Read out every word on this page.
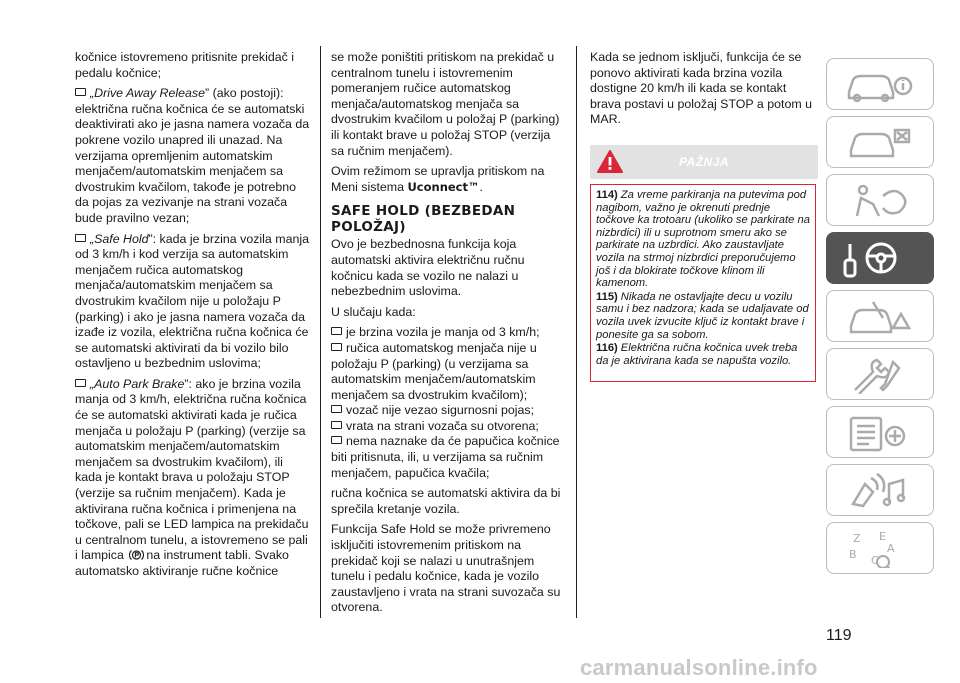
kočnice istovremeno pritisnite prekidač i pedalu kočnice;

„Drive Away Release” (ako postoji): električna ručna kočnica će se automatski deaktivirati ako je jasna namera vozača da pokrene vozilo unapred ili unazad. Na verzijama opremljenim automatskim menjačem/automatskim menjačem sa dvostrukim kvačilom, takođe je potrebno da pojas za vezivanje na strani vozača bude pravilno vezan;

„Safe Hold”: kada je brzina vozila manja od 3 km/h i kod verzija sa automatskim menjačem ručica automatskog menjača/automatskim menjačem sa dvostrukim kvačilom nije u položaju P (parking) i ako je jasna namera vozača da izađe iz vozila, električna ručna kočnica će se automatski aktivirati da bi vozilo bilo ostavljeno u bezbednim uslovima;

„Auto Park Brake”: ako je brzina vozila manja od 3 km/h, električna ručna kočnica će se automatski aktivirati kada je ručica menjača u položaju P (parking) (verzije sa automatskim menjačem/automatskim menjačem sa dvostrukim kvačilom), ili kada je kontakt brava u položaju STOP (verzije sa ručnim menjačem). Kada je aktivirana ručna kočnica i primenjena na točkove, pali se LED lampica na prekidaču u centralnom tunelu, a istovremeno se pali i lampica na instrument tabli. Svako automatsko aktiviranje ručne kočnice

se može poništiti pritiskom na prekidač u centralnom tunelu i istovremenim pomeranjem ručice automatskog menjača/automatskog menjača sa dvostrukim kvačilom u položaj P (parking) ili kontakt brave u položaj STOP (verzija sa ručnim menjačem).

Ovim režimom se upravlja pritiskom na Meni sistema Uconnect™.

SAFE HOLD (BEZBEDAN POLOŽAJ)

Ovo je bezbednosna funkcija koja automatski aktivira električnu ručnu kočnicu kada se vozilo ne nalazi u nebezbednim uslovima.

U slučaju kada:

je brzina vozila je manja od 3 km/h;

ručica automatskog menjača nije u položaju P (parking) (u verzijama sa automatskim menjačem/automatskim menjačem sa dvostrukim kvačilom);

vozač nije vezao sigurnosni pojas;

vrata na strani vozača su otvorena;

nema naznake da će papučica kočnice biti pritisnuta, ili, u verzijama sa ručnim menjačem, papučica kvačila;

ručna kočnica se automatski aktivira da bi sprečila kretanje vozila.

Funkcija Safe Hold se može privremeno isključiti istovremenim pritiskom na prekidač koji se nalazi u unutrašnjem tunelu i pedalu kočnice, kada je vozilo zaustavljeno i vrata na strani suvozača su otvorena.

Kada se jednom isključi, funkcija će se ponovo aktivirati kada brzina vozila dostigne 20 km/h ili kada se kontakt brava postavi u položaj STOP a potom u MAR.

PAŽNJA

114) Za vreme parkiranja na putevima pod nagibom, važno je okrenuti prednje točkove ka trotoaru (ukoliko se parkirate na nizbrdici) ili u suprotnom smeru ako se parkirate na uzbrdici. Ako zaustavljate vozila na strmoj nizbrdici preporučujemo još i da blokirate točkove klinom ili kamenom.

115) Nikada ne ostavljajte decu u vozilu samu i bez nadzora; kada se udaljavate od vozila uvek izvucite ključ iz kontakt brave i ponesite ga sa sobom.

116) Električna ručna kočnica uvek treba da je aktivirana kada se napušta vozilo.

Z E
B C
A
119
carmanualsonline.info
